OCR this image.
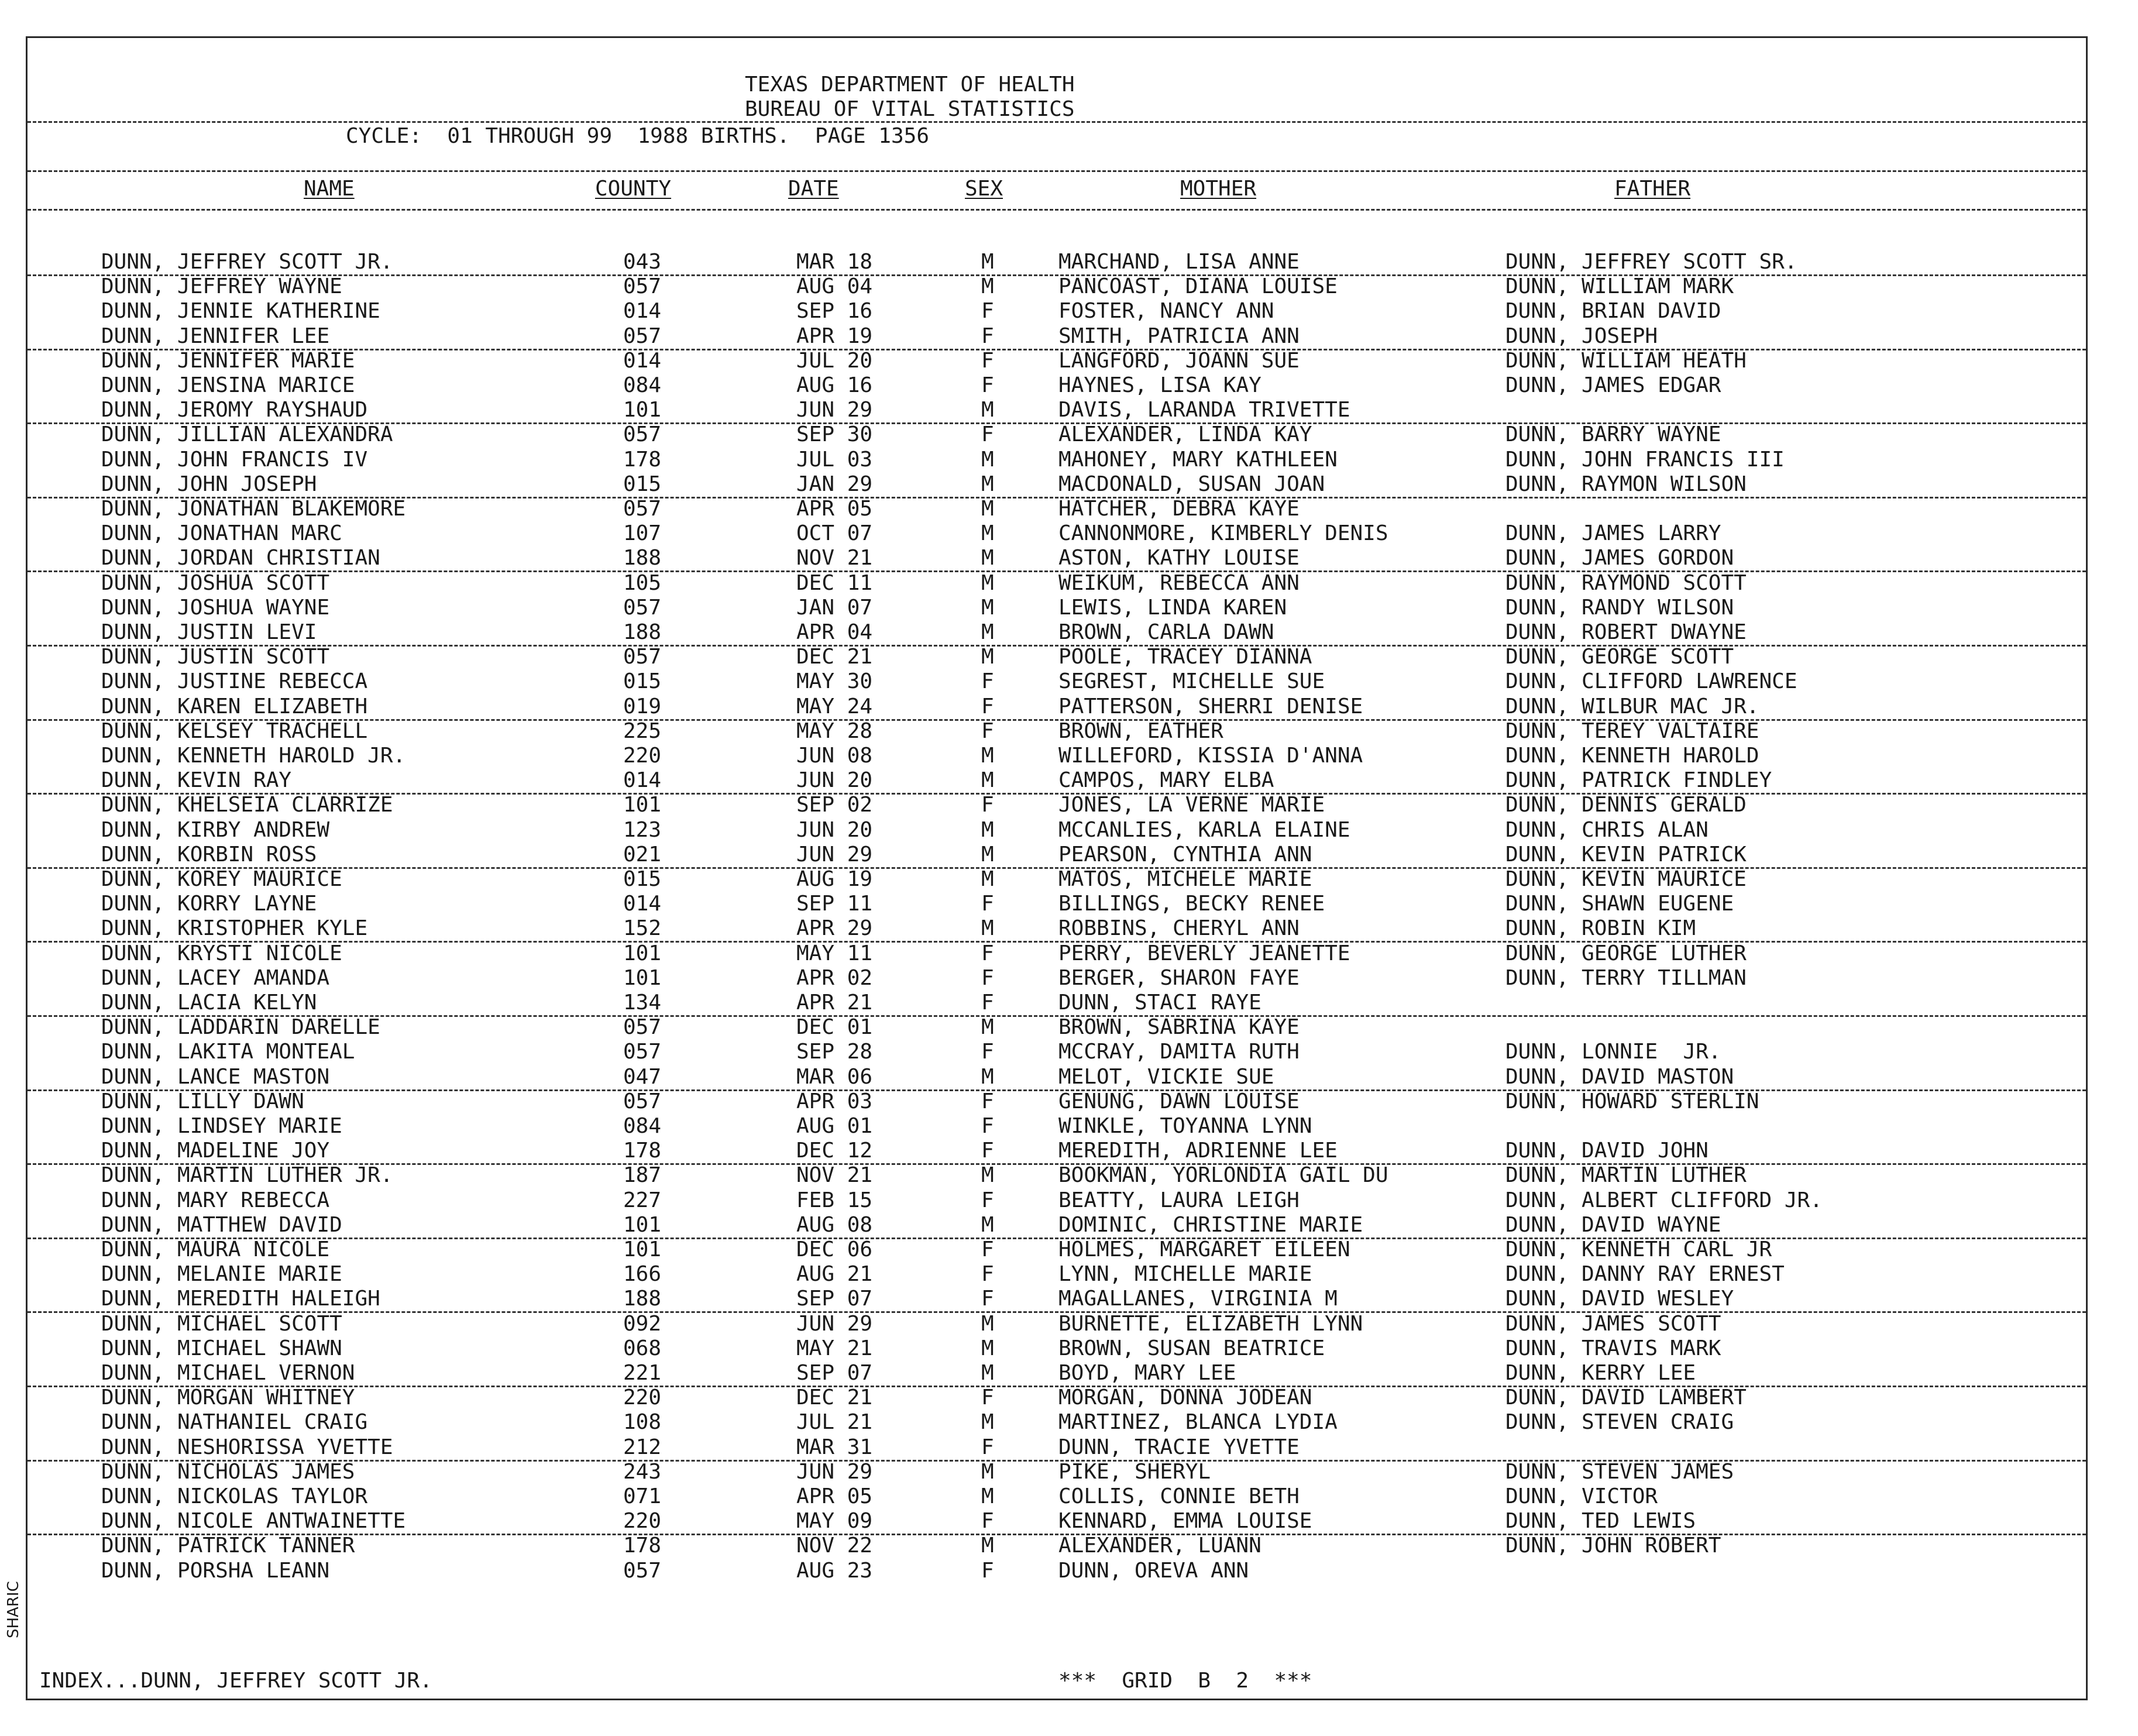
TEXAS DEPARTMENT OF HEALTH
BUREAU OF VITAL STATISTICS
CYCLE:  01 THROUGH 99  1988 BIRTHS.  PAGE 1356
NAME	COUNTY	DATE	SEX	MOTHER	FATHER
DUNN, JEFFREY SCOTT JR.	043	MAR 18	M	MARCHAND, LISA ANNE	DUNN, JEFFREY SCOTT SR.
DUNN, JEFFREY WAYNE	057	AUG 04	M	PANCOAST, DIANA LOUISE	DUNN, WILLIAM MARK
DUNN, JENNIE KATHERINE	014	SEP 16	F	FOSTER, NANCY ANN	DUNN, BRIAN DAVID
DUNN, JENNIFER LEE	057	APR 19	F	SMITH, PATRICIA ANN	DUNN, JOSEPH
DUNN, JENNIFER MARIE	014	JUL 20	F	LANGFORD, JOANN SUE	DUNN, WILLIAM HEATH
DUNN, JENSINA MARICE	084	AUG 16	F	HAYNES, LISA KAY	DUNN, JAMES EDGAR
DUNN, JEROMY RAYSHAUD	101	JUN 29	M	DAVIS, LARANDA TRIVETTE
DUNN, JILLIAN ALEXANDRA	057	SEP 30	F	ALEXANDER, LINDA KAY	DUNN, BARRY WAYNE
DUNN, JOHN FRANCIS IV	178	JUL 03	M	MAHONEY, MARY KATHLEEN	DUNN, JOHN FRANCIS III
DUNN, JOHN JOSEPH	015	JAN 29	M	MACDONALD, SUSAN JOAN	DUNN, RAYMON WILSON
DUNN, JONATHAN BLAKEMORE	057	APR 05	M	HATCHER, DEBRA KAYE
DUNN, JONATHAN MARC	107	OCT 07	M	CANNONMORE, KIMBERLY DENIS	DUNN, JAMES LARRY
DUNN, JORDAN CHRISTIAN	188	NOV 21	M	ASTON, KATHY LOUISE	DUNN, JAMES GORDON
DUNN, JOSHUA SCOTT	105	DEC 11	M	WEIKUM, REBECCA ANN	DUNN, RAYMOND SCOTT
DUNN, JOSHUA WAYNE	057	JAN 07	M	LEWIS, LINDA KAREN	DUNN, RANDY WILSON
DUNN, JUSTIN LEVI	188	APR 04	M	BROWN, CARLA DAWN	DUNN, ROBERT DWAYNE
DUNN, JUSTIN SCOTT	057	DEC 21	M	POOLE, TRACEY DIANNA	DUNN, GEORGE SCOTT
DUNN, JUSTINE REBECCA	015	MAY 30	F	SEGREST, MICHELLE SUE	DUNN, CLIFFORD LAWRENCE
DUNN, KAREN ELIZABETH	019	MAY 24	F	PATTERSON, SHERRI DENISE	DUNN, WILBUR MAC JR.
DUNN, KELSEY TRACHELL	225	MAY 28	F	BROWN, EATHER	DUNN, TEREY VALTAIRE
DUNN, KENNETH HAROLD JR.	220	JUN 08	M	WILLEFORD, KISSIA D'ANNA	DUNN, KENNETH HAROLD
DUNN, KEVIN RAY	014	JUN 20	M	CAMPOS, MARY ELBA	DUNN, PATRICK FINDLEY
DUNN, KHELSEIA CLARRIZE	101	SEP 02	F	JONES, LA VERNE MARIE	DUNN, DENNIS GERALD
DUNN, KIRBY ANDREW	123	JUN 20	M	MCCANLIES, KARLA ELAINE	DUNN, CHRIS ALAN
DUNN, KORBIN ROSS	021	JUN 29	M	PEARSON, CYNTHIA ANN	DUNN, KEVIN PATRICK
DUNN, KOREY MAURICE	015	AUG 19	M	MATOS, MICHELE MARIE	DUNN, KEVIN MAURICE
DUNN, KORRY LAYNE	014	SEP 11	F	BILLINGS, BECKY RENEE	DUNN, SHAWN EUGENE
DUNN, KRISTOPHER KYLE	152	APR 29	M	ROBBINS, CHERYL ANN	DUNN, ROBIN KIM
DUNN, KRYSTI NICOLE	101	MAY 11	F	PERRY, BEVERLY JEANETTE	DUNN, GEORGE LUTHER
DUNN, LACEY AMANDA	101	APR 02	F	BERGER, SHARON FAYE	DUNN, TERRY TILLMAN
DUNN, LACIA KELYN	134	APR 21	F	DUNN, STACI RAYE
DUNN, LADDARIN DARELLE	057	DEC 01	M	BROWN, SABRINA KAYE
DUNN, LAKITA MONTEAL	057	SEP 28	F	MCCRAY, DAMITA RUTH	DUNN, LONNIE  JR.
DUNN, LANCE MASTON	047	MAR 06	M	MELOT, VICKIE SUE	DUNN, DAVID MASTON
DUNN, LILLY DAWN	057	APR 03	F	GENUNG, DAWN LOUISE	DUNN, HOWARD STERLIN
DUNN, LINDSEY MARIE	084	AUG 01	F	WINKLE, TOYANNA LYNN
DUNN, MADELINE JOY	178	DEC 12	F	MEREDITH, ADRIENNE LEE	DUNN, DAVID JOHN
DUNN, MARTIN LUTHER JR.	187	NOV 21	M	BOOKMAN, YORLONDIA GAIL DU	DUNN, MARTIN LUTHER
DUNN, MARY REBECCA	227	FEB 15	F	BEATTY, LAURA LEIGH	DUNN, ALBERT CLIFFORD JR.
DUNN, MATTHEW DAVID	101	AUG 08	M	DOMINIC, CHRISTINE MARIE	DUNN, DAVID WAYNE
DUNN, MAURA NICOLE	101	DEC 06	F	HOLMES, MARGARET EILEEN	DUNN, KENNETH CARL JR
DUNN, MELANIE MARIE	166	AUG 21	F	LYNN, MICHELLE MARIE	DUNN, DANNY RAY ERNEST
DUNN, MEREDITH HALEIGH	188	SEP 07	F	MAGALLANES, VIRGINIA M	DUNN, DAVID WESLEY
DUNN, MICHAEL SCOTT	092	JUN 29	M	BURNETTE, ELIZABETH LYNN	DUNN, JAMES SCOTT
DUNN, MICHAEL SHAWN	068	MAY 21	M	BROWN, SUSAN BEATRICE	DUNN, TRAVIS MARK
DUNN, MICHAEL VERNON	221	SEP 07	M	BOYD, MARY LEE	DUNN, KERRY LEE
DUNN, MORGAN WHITNEY	220	DEC 21	F	MORGAN, DONNA JODEAN	DUNN, DAVID LAMBERT
DUNN, NATHANIEL CRAIG	108	JUL 21	M	MARTINEZ, BLANCA LYDIA	DUNN, STEVEN CRAIG
DUNN, NESHORISSA YVETTE	212	MAR 31	F	DUNN, TRACIE YVETTE
DUNN, NICHOLAS JAMES	243	JUN 29	M	PIKE, SHERYL	DUNN, STEVEN JAMES
DUNN, NICKOLAS TAYLOR	071	APR 05	M	COLLIS, CONNIE BETH	DUNN, VICTOR
DUNN, NICOLE ANTWAINETTE	220	MAY 09	F	KENNARD, EMMA LOUISE	DUNN, TED LEWIS
DUNN, PATRICK TANNER	178	NOV 22	M	ALEXANDER, LUANN	DUNN, JOHN ROBERT
DUNN, PORSHA LEANN	057	AUG 23	F	DUNN, OREVA ANN
INDEX...DUNN, JEFFREY SCOTT JR.	***  GRID  B  2  ***
SHARIC
